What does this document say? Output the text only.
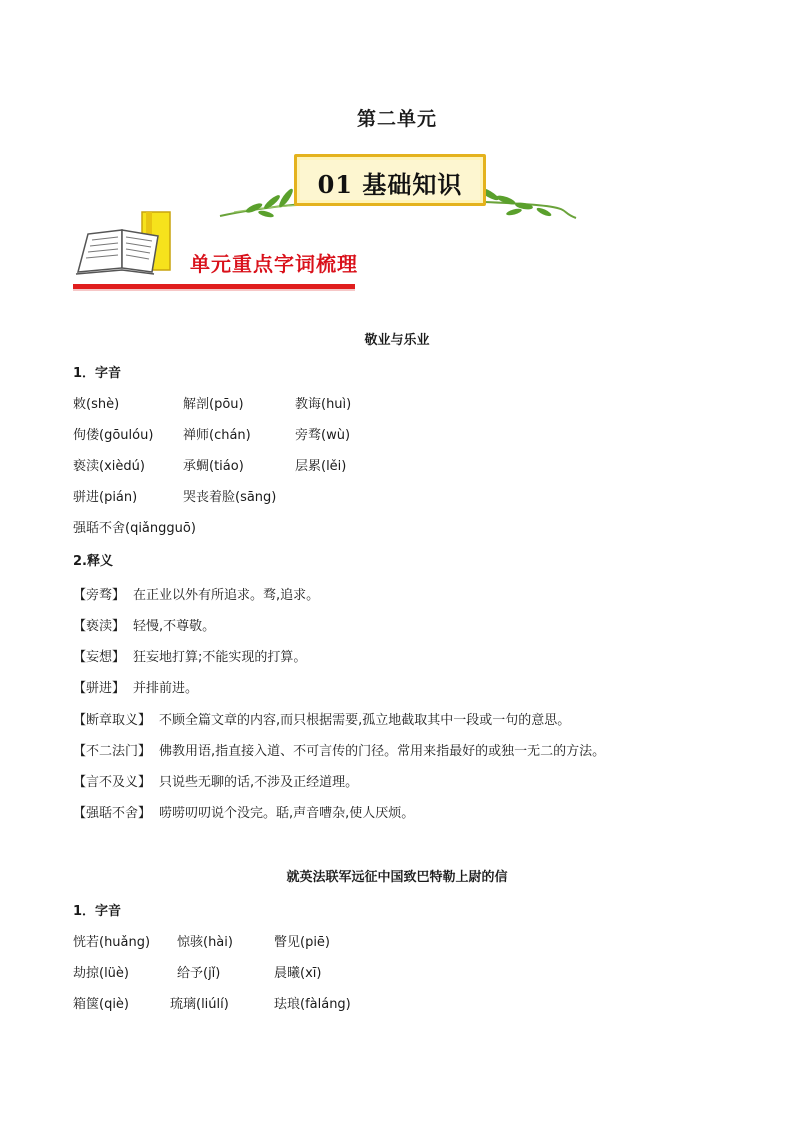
第二单元
01 基础知识
单元重点字词梳理
敬业与乐业
1．字音
敕(shè)	解剖(pōu)	教诲(huì)
佝偻(gōulóu) 禅师(chán)	旁骛(wù)
亵渎(xièdú)	承蜩(tiáo)	层累(lěi)
骈进(pián)	哭丧着脸(sāng)
强聒不舍(qiǎngguō)
2.释义
【旁骛】 在正业以外有所追求。骛,追求。
【亵渎】 轻慢,不尊敬。
【妄想】 狂妄地打算;不能实现的打算。
【骈进】 并排前进。
【断章取义】 不顾全篇文章的内容,而只根据需要,孤立地截取其中一段或一句的意思。
【不二法门】 佛教用语,指直接入道、不可言传的门径。常用来指最好的或独一无二的方法。
【言不及义】 只说些无聊的话,不涉及正经道理。
【强聒不舍】 唠唠叨叨说个没完。聒,声音嘈杂,使人厌烦。
就英法联军远征中国致巴特勒上尉的信
1．字音
恍若(huǎng) 惊骇(hài)	瞥见(piē)
劫掠(lüè)	给予(jǐ)	晨曦(xī)
箱箧(qiè)	琉璃(liúlí)	珐琅(fàláng)
